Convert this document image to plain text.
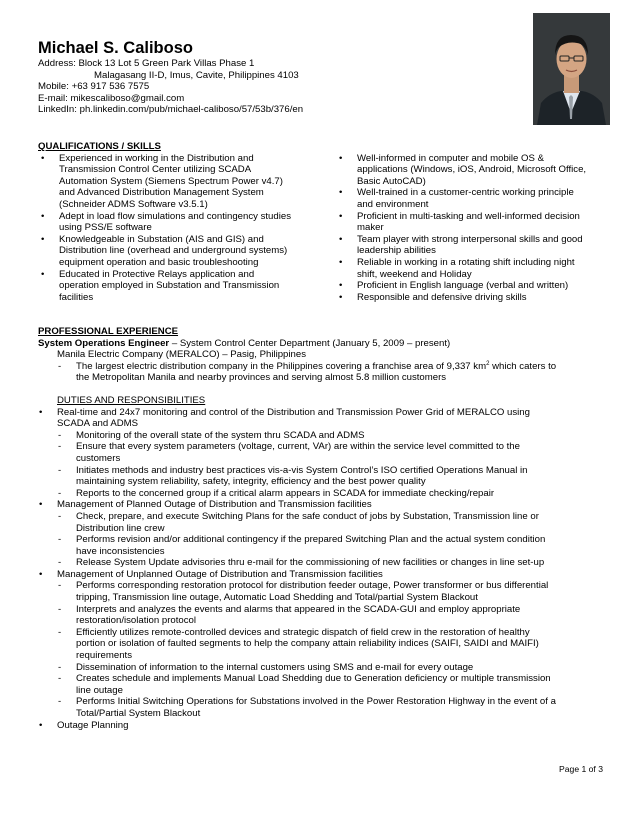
Michael S. Caliboso
Address: Block 13 Lot 5 Green Park Villas Phase 1
Malagasang II-D, Imus, Cavite, Philippines 4103
Mobile: +63 917 536 7575
E-mail: mikescaliboso@gmail.com
LinkedIn: ph.linkedin.com/pub/michael-caliboso/57/53b/376/en
QUALIFICATIONS / SKILLS
• Experienced in working in the Distribution and
Transmission Control Center utilizing SCADA
Automation System (Siemens Spectrum Power v4.7)
and Advanced Distribution Management System
(Schneider ADMS Software v3.5.1)
• Adept in load flow simulations and contingency studies
using PSS/E software
• Knowledgeable in Substation (AIS and GIS) and
Distribution line (overhead and underground systems)
equipment operation and basic troubleshooting
• Educated in Protective Relays application and
operation employed in Substation and Transmission
facilities
• Well-informed in computer and mobile OS &
applications (Windows, iOS, Android, Microsoft Office,
Basic AutoCAD)
• Well-trained in a customer-centric working principle
and environment
• Proficient in multi-tasking and well-informed decision
maker
• Team player with strong interpersonal skills and good
leadership abilities
• Reliable in working in a rotating shift including night
shift, weekend and Holiday
• Proficient in English language (verbal and written)
• Responsible and defensive driving skills
PROFESSIONAL EXPERIENCE
System Operations Engineer – System Control Center Department (January 5, 2009 – present)
Manila Electric Company (MERALCO) – Pasig, Philippines
- The largest electric distribution company in the Philippines covering a franchise area of 9,337 $km^2$ which caters to
the Metropolitan Manila and nearby provinces and serving almost 5.8 million customers
DUTIES AND RESPONSIBILITIES
• Real-time and 24x7 monitoring and control of the Distribution and Transmission Power Grid of MERALCO using
SCADA and ADMS
- Monitoring of the overall state of the system thru SCADA and ADMS
- Ensure that every system parameters (voltage, current, VAr) are within the service level committed to the
customers
- Initiates methods and industry best practices vis-a-vis System Control’s ISO certified Operations Manual in
maintaining system reliability, safety, integrity, efficiency and the best power quality
- Reports to the concerned group if a critical alarm appears in SCADA for immediate checking/repair
• Management of Planned Outage of Distribution and Transmission facilities
- Check, prepare, and execute Switching Plans for the safe conduct of jobs by Substation, Transmission line or
Distribution line crew
- Performs revision and/or additional contingency if the prepared Switching Plan and the actual system condition
have inconsistencies
- Release System Update advisories thru e-mail for the commissioning of new facilities or changes in line set-up
• Management of Unplanned Outage of Distribution and Transmission facilities
- Performs corresponding restoration protocol for distribution feeder outage, Power transformer or bus differential
tripping, Transmission line outage, Automatic Load Shedding and Total/partial System Blackout
- Interprets and analyzes the events and alarms that appeared in the SCADA-GUI and employ appropriate
restoration/isolation protocol
- Efficiently utilizes remote-controlled devices and strategic dispatch of field crew in the restoration of healthy
portion or isolation of faulted segments to help the company attain reliability indices (SAIFI, SAIDI and MAIFI)
requirements
- Dissemination of information to the internal customers using SMS and e-mail for every outage
- Creates schedule and implements Manual Load Shedding due to Generation deficiency or multiple transmission
line outage
- Performs Initial Switching Operations for Substations involved in the Power Restoration Highway in the event of a
Total/Partial System Blackout
• Outage Planning
Page 1 of 3
